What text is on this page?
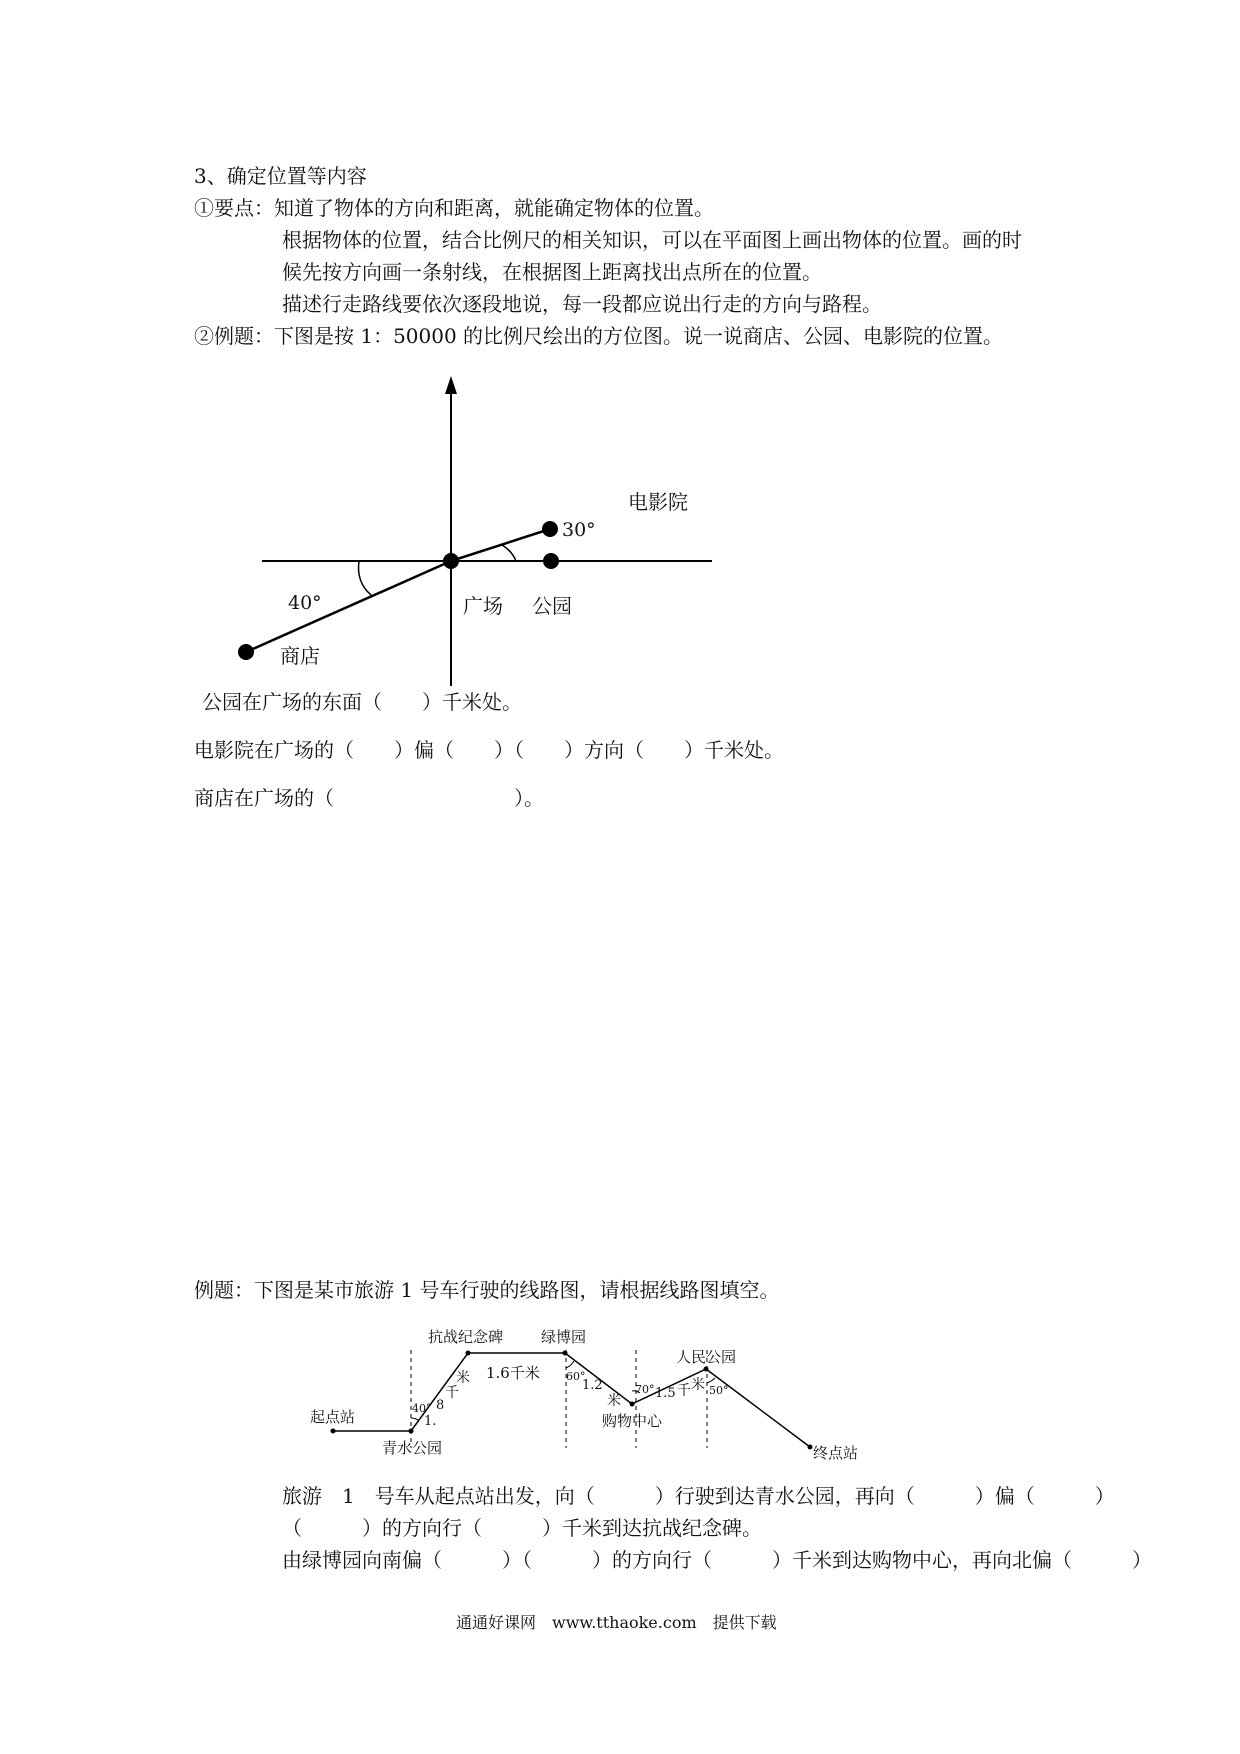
3、确定位置等内容
①要点：知道了物体的方向和距离，就能确定物体的位置。
根据物体的位置，结合比例尺的相关知识，可以在平面图上画出物体的位置。画的时
候先按方向画一条射线，在根据图上距离找出点所在的位置。
描述行走路线要依次逐段地说，每一段都应说出行走的方向与路程。
②例题：下图是按 1：50000 的比例尺绘出的方位图。说一说商店、公园、电影院的位置。
电影院
30°
40°	广场 公园
商店
公园在广场的东面（　　）千米处。
电影院在广场的（　　）偏（　　）（　　）方向（　　）千米处。
商店在广场的（　　　　　　　　　）。
例题：下图是某市旅游 1 号车行驶的线路图，请根据线路图填空。
起点站
青水公园
抗战纪念碑	绿博园
购物中心
人民公园
终点站
1.6千米
40°
60°
70°	50°
1.
8
千
米	1.2
米	1.5 千 米
旅游　1　号车从起点站出发，向（　　　）行驶到达青水公园，再向（　　　）偏（　　　）
（　　　）的方向行（　　　）千米到达抗战纪念碑。
由绿博园向南偏（　　　）（　　　）的方向行（　　　）千米到达购物中心，再向北偏（　　　）
通通好课网　www.tthaoke.com　提供下载
